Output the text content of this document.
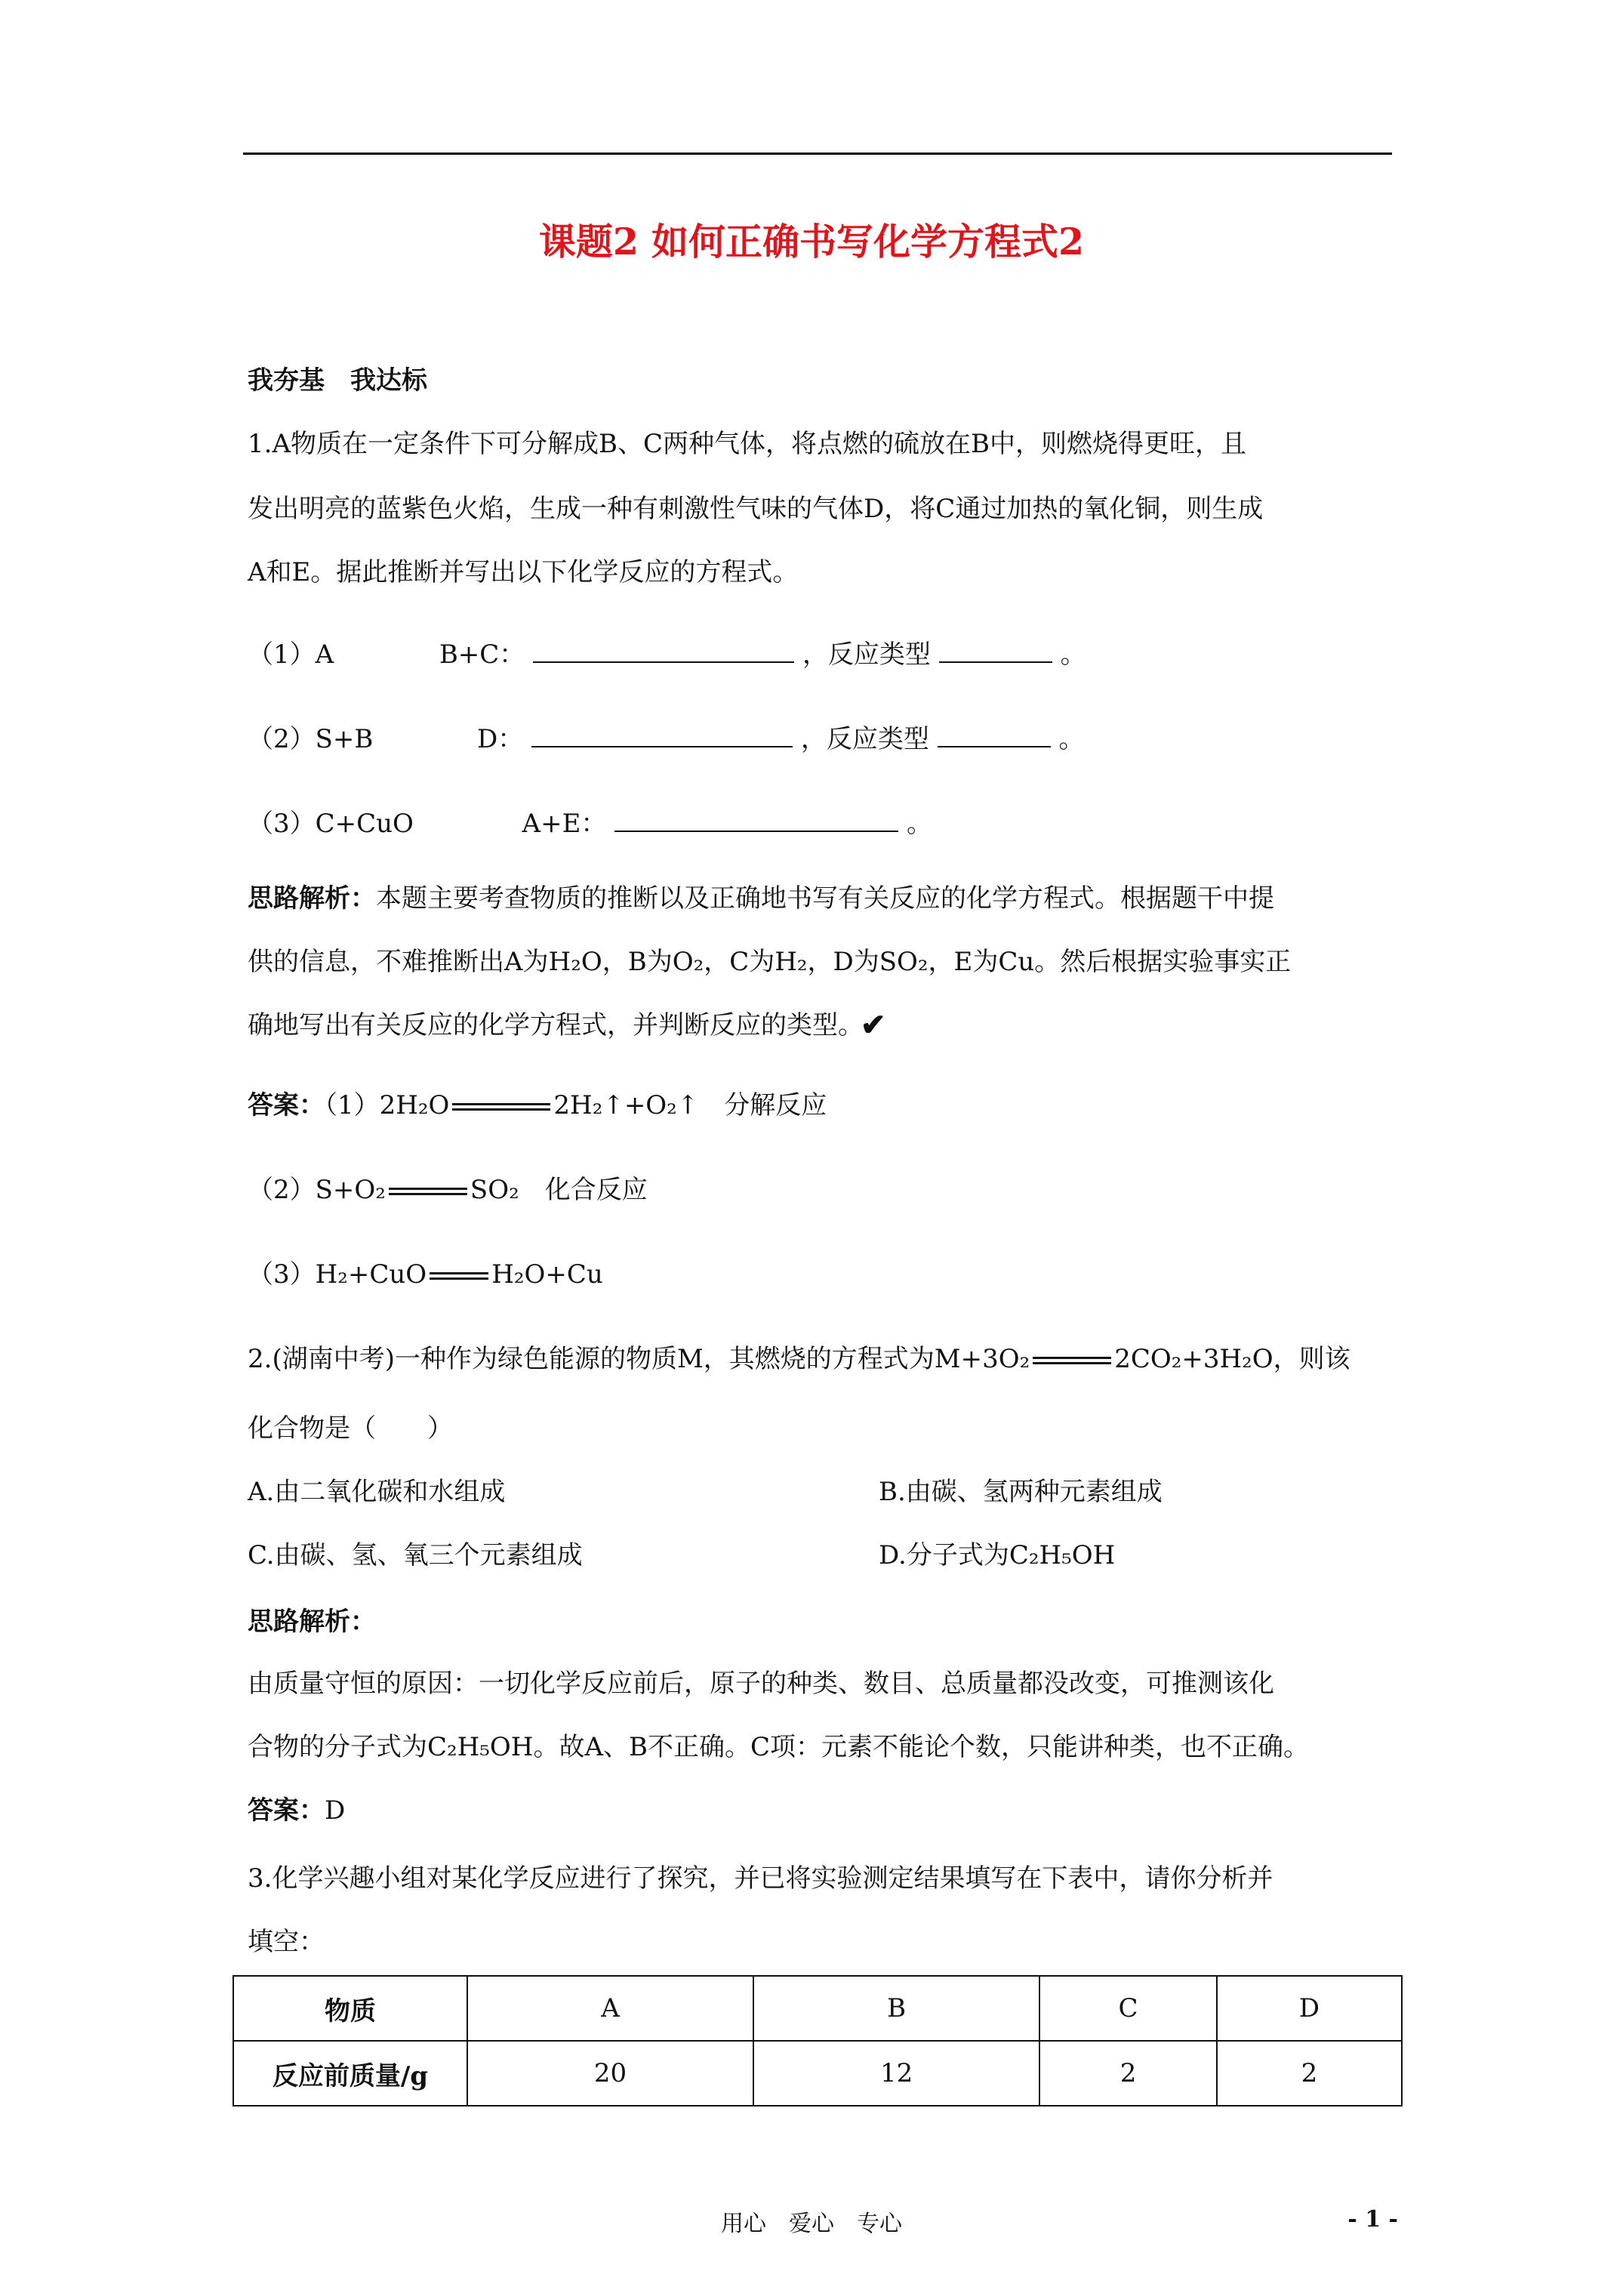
课题2 如何正确书写化学方程式2
我夯基　我达标
1.A物质在一定条件下可分解成B、C两种气体，将点燃的硫放在B中，则燃烧得更旺，且
发出明亮的蓝紫色火焰，生成一种有刺激性气味的气体D，将C通过加热的氧化铜，则生成
A和E。据此推断并写出以下化学反应的方程式。
（1）A	B+C：	，反应类型	。
（2）S+B	D：	，反应类型	。
（3）C+CuO	A+E：	。
思路解析：本题主要考查物质的推断以及正确地书写有关反应的化学方程式。根据题干中提
供的信息，不难推断出A为H₂O，B为O₂，C为H₂，D为SO₂，E为Cu。然后根据实验事实正
确地写出有关反应的化学方程式，并判断反应的类型。
✔
答案：（1）2H₂O	2H₂↑+O₂↑　分解反应
（2）S+O₂	SO₂　化合反应
（3）H₂+CuO	H₂O+Cu
2.(湖南中考)一种作为绿色能源的物质M，其燃烧的方程式为M+3O₂	2CO₂+3H₂O，则该
化合物是（　　）
A.由二氧化碳和水组成	B.由碳、氢两种元素组成
C.由碳、氢、氧三个元素组成	D.分子式为C₂H₅OH
思路解析：
由质量守恒的原因：一切化学反应前后，原子的种类、数目、总质量都没改变，可推测该化
合物的分子式为C₂H₅OH。故A、B不正确。C项：元素不能论个数，只能讲种类，也不正确。
答案：D
3.化学兴趣小组对某化学反应进行了探究，并已将实验测定结果填写在下表中，请你分析并
填空：
物质	A	B	C	D
反应前质量/g	20	12	2	2
用心　爱心　专心	- 1 -
